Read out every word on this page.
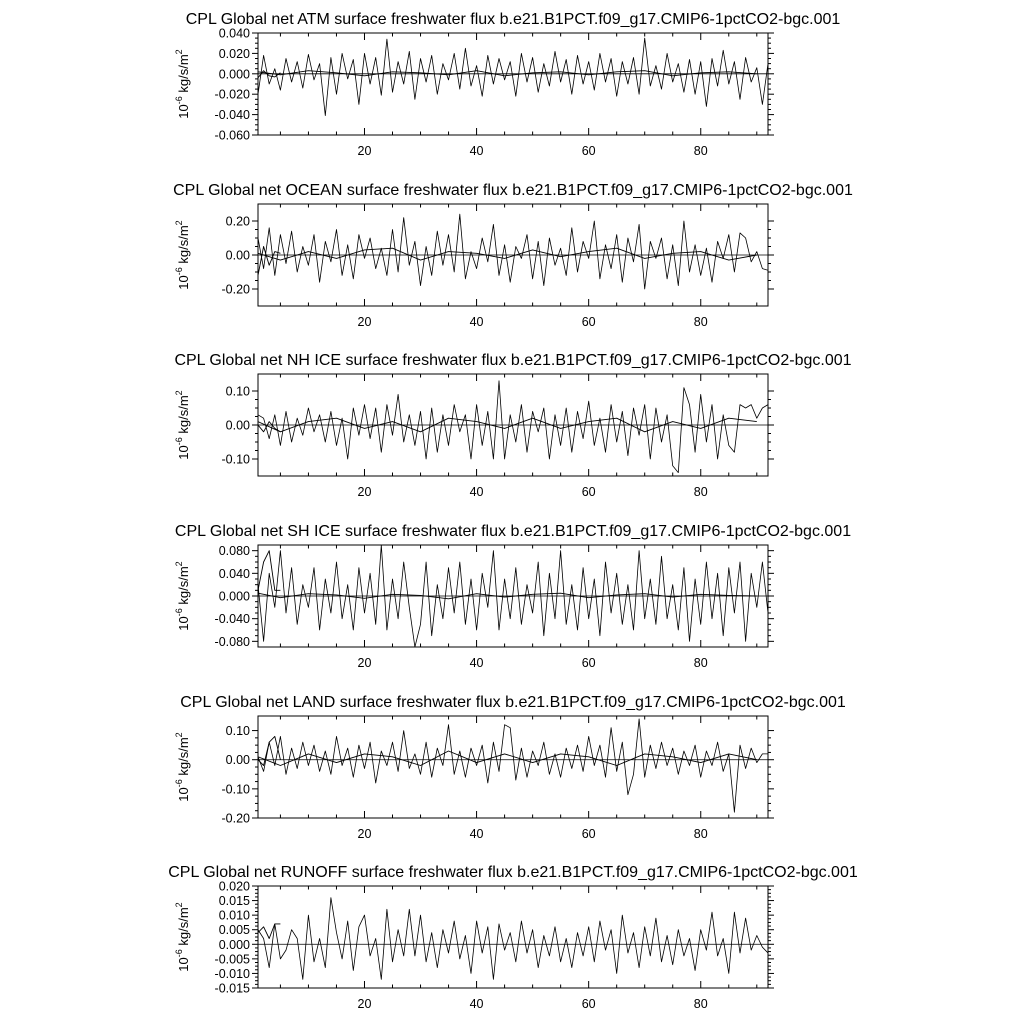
CPL Global net ATM surface freshwater flux b.e21.B1PCT.f09_g17.CMIP6-1pctCO2-bgc.001
20	40	60	80
-0.060
-0.040
-0.020
0.000
0.020
0.040
$10^{-6}$ $kg/s/m^2$
CPL Global net OCEAN surface freshwater flux b.e21.B1PCT.f09_g17.CMIP6-1pctCO2-bgc.001
20	40	60	80
-0.20
0.00
0.20
$10^{-6}$ $kg/s/m^2$
CPL Global net NH ICE surface freshwater flux b.e21.B1PCT.f09_g17.CMIP6-1pctCO2-bgc.001
20	40	60	80
-0.10
0.00
0.10
$10^{-6}$ $kg/s/m^2$
CPL Global net SH ICE surface freshwater flux b.e21.B1PCT.f09_g17.CMIP6-1pctCO2-bgc.001
20	40	60	80
-0.080
-0.040
0.000
0.040
0.080
$10^{-6}$ $kg/s/m^2$
CPL Global net LAND surface freshwater flux b.e21.B1PCT.f09_g17.CMIP6-1pctCO2-bgc.001
20	40	60	80
-0.20
-0.10
0.00
0.10
$10^{-6}$ $kg/s/m^2$
CPL Global net RUNOFF surface freshwater flux b.e21.B1PCT.f09_g17.CMIP6-1pctCO2-bgc.001
20	40	60	80
-0.015
-0.010
-0.005
0.000
0.005
0.010
0.015
0.020
$10^{-6}$ $kg/s/m^2$
